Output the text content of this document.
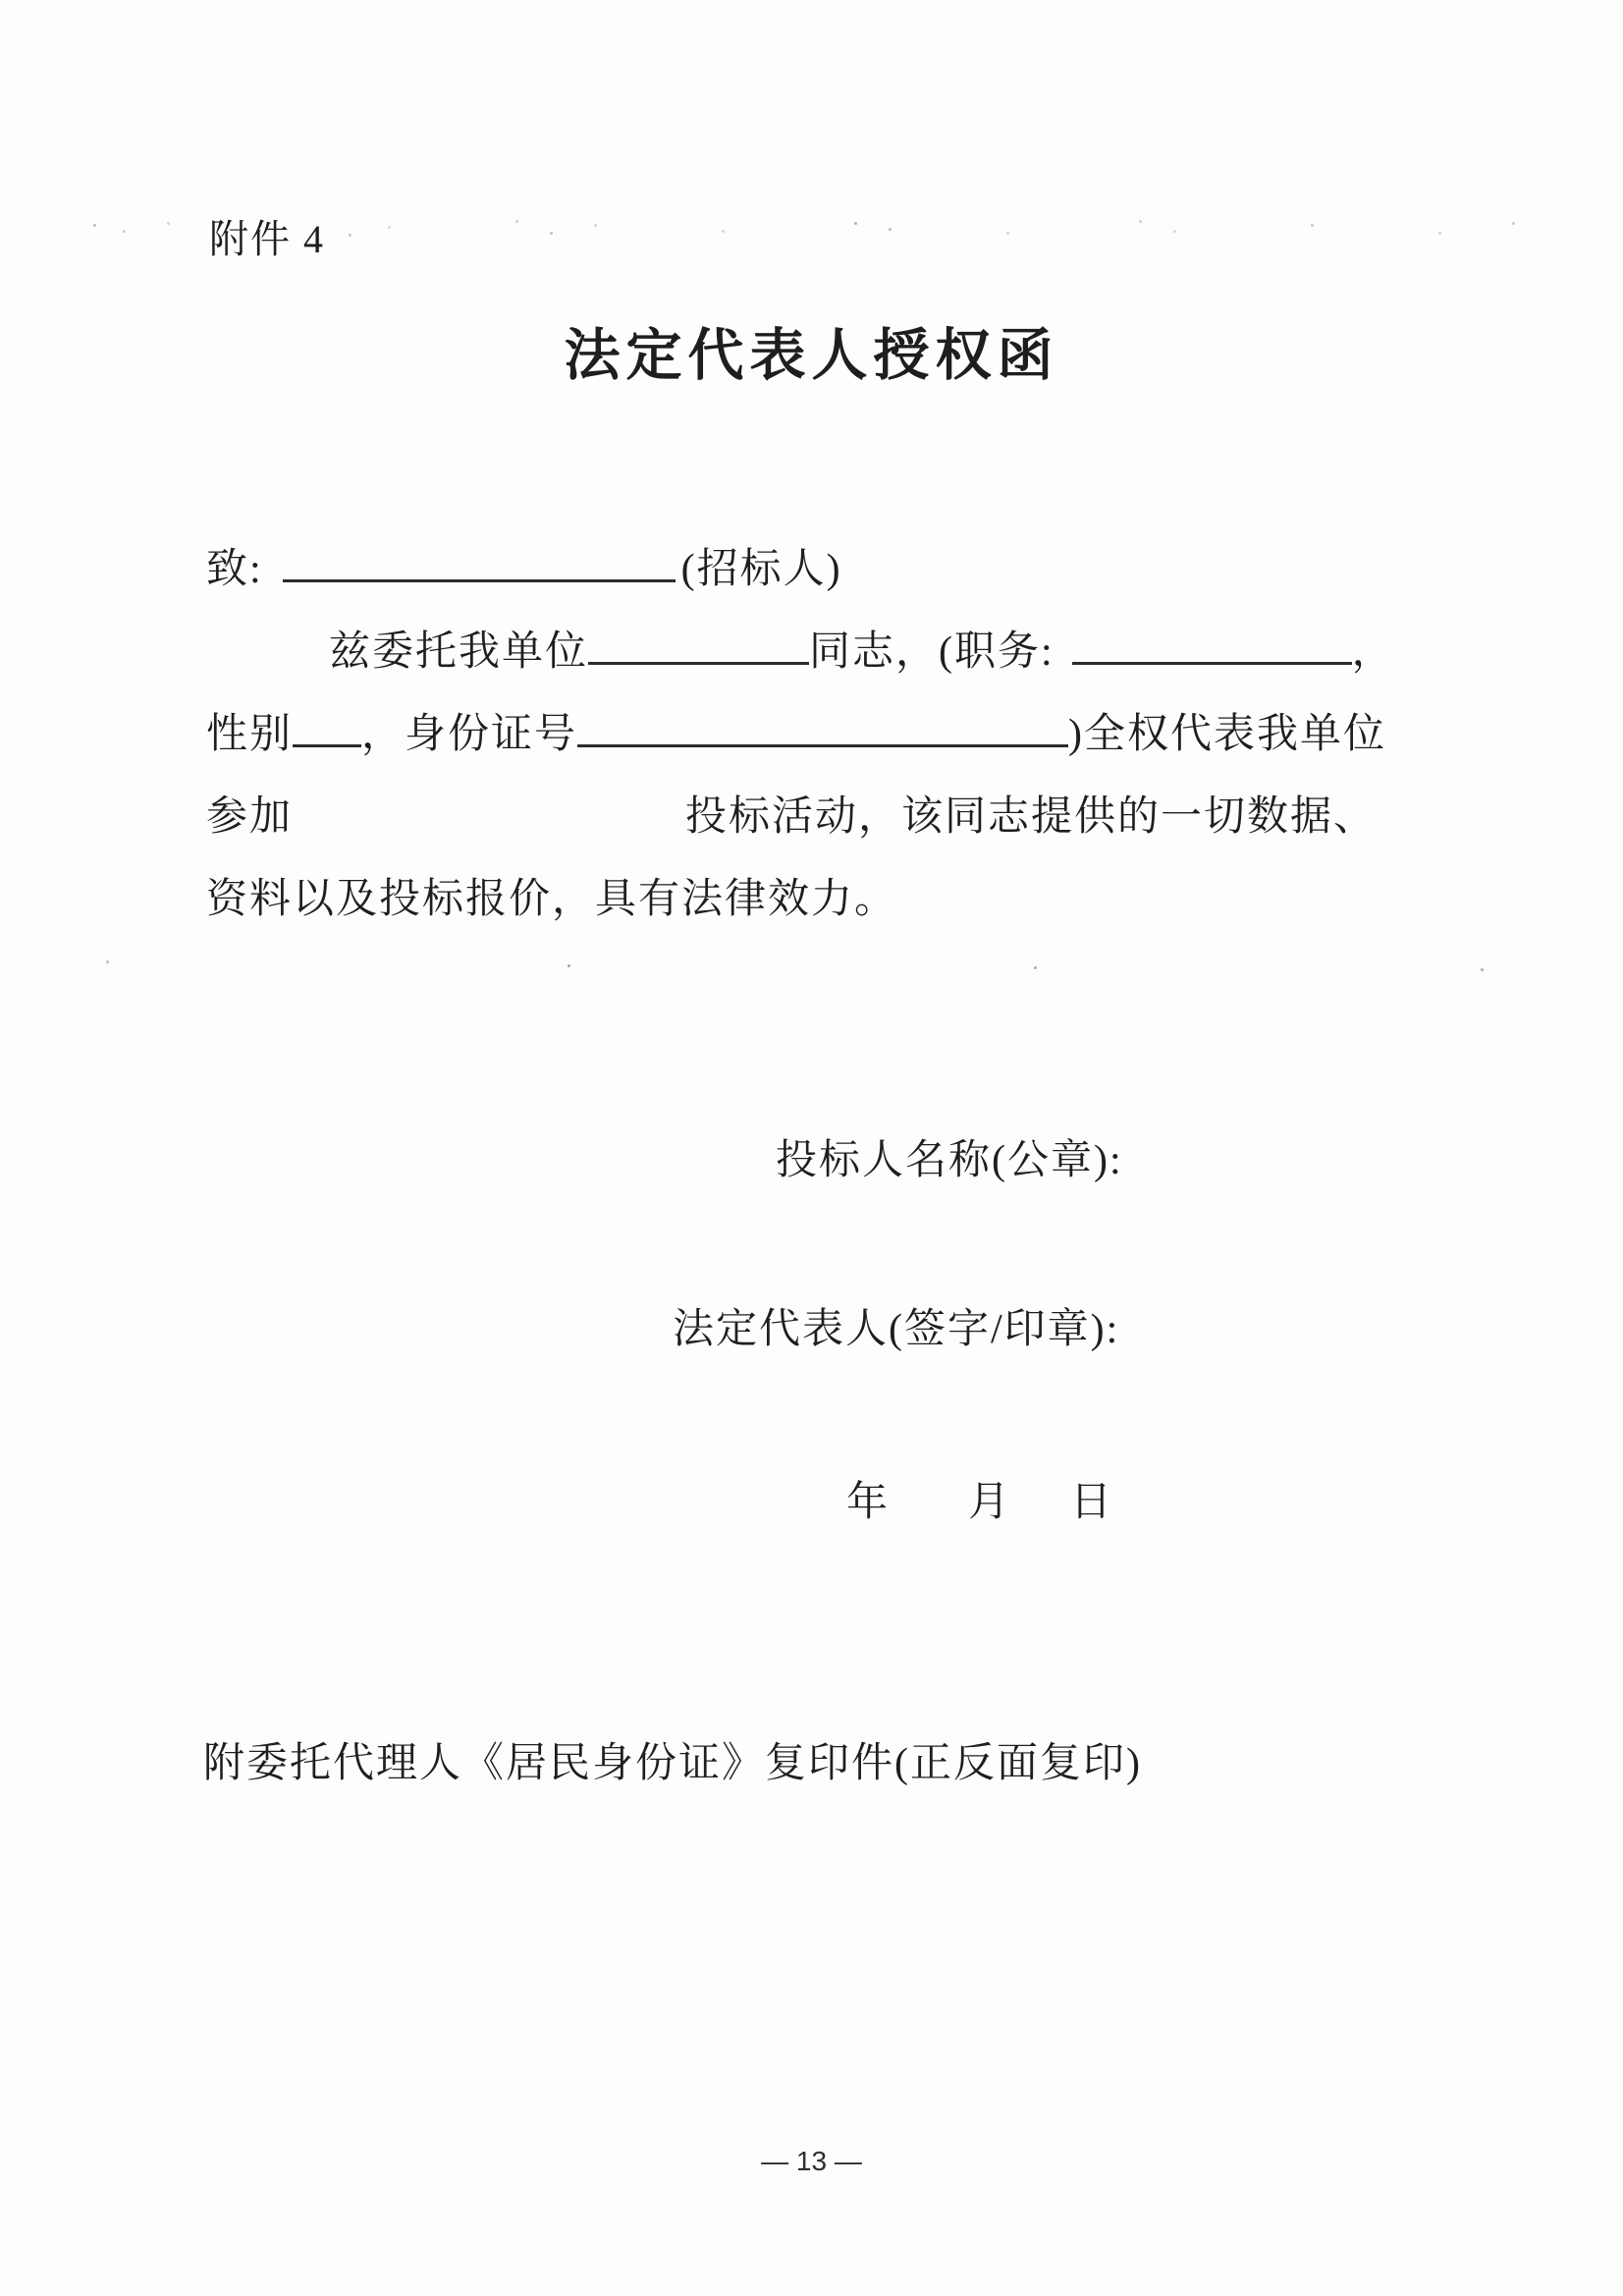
附件 4
法定代表人授权函
致:	(招标人)
兹委托我单位	同志，(职务:	，
性别 ，身份证号	)全权代表我单位
参加	投标活动，该同志提供的一切数据、
资料以及投标报价，具有法律效力。
投标人名称(公章):
法定代表人(签字/印章):
年 月 日
附委托代理人《居民身份证》复印件(正反面复印)
— 13 —
